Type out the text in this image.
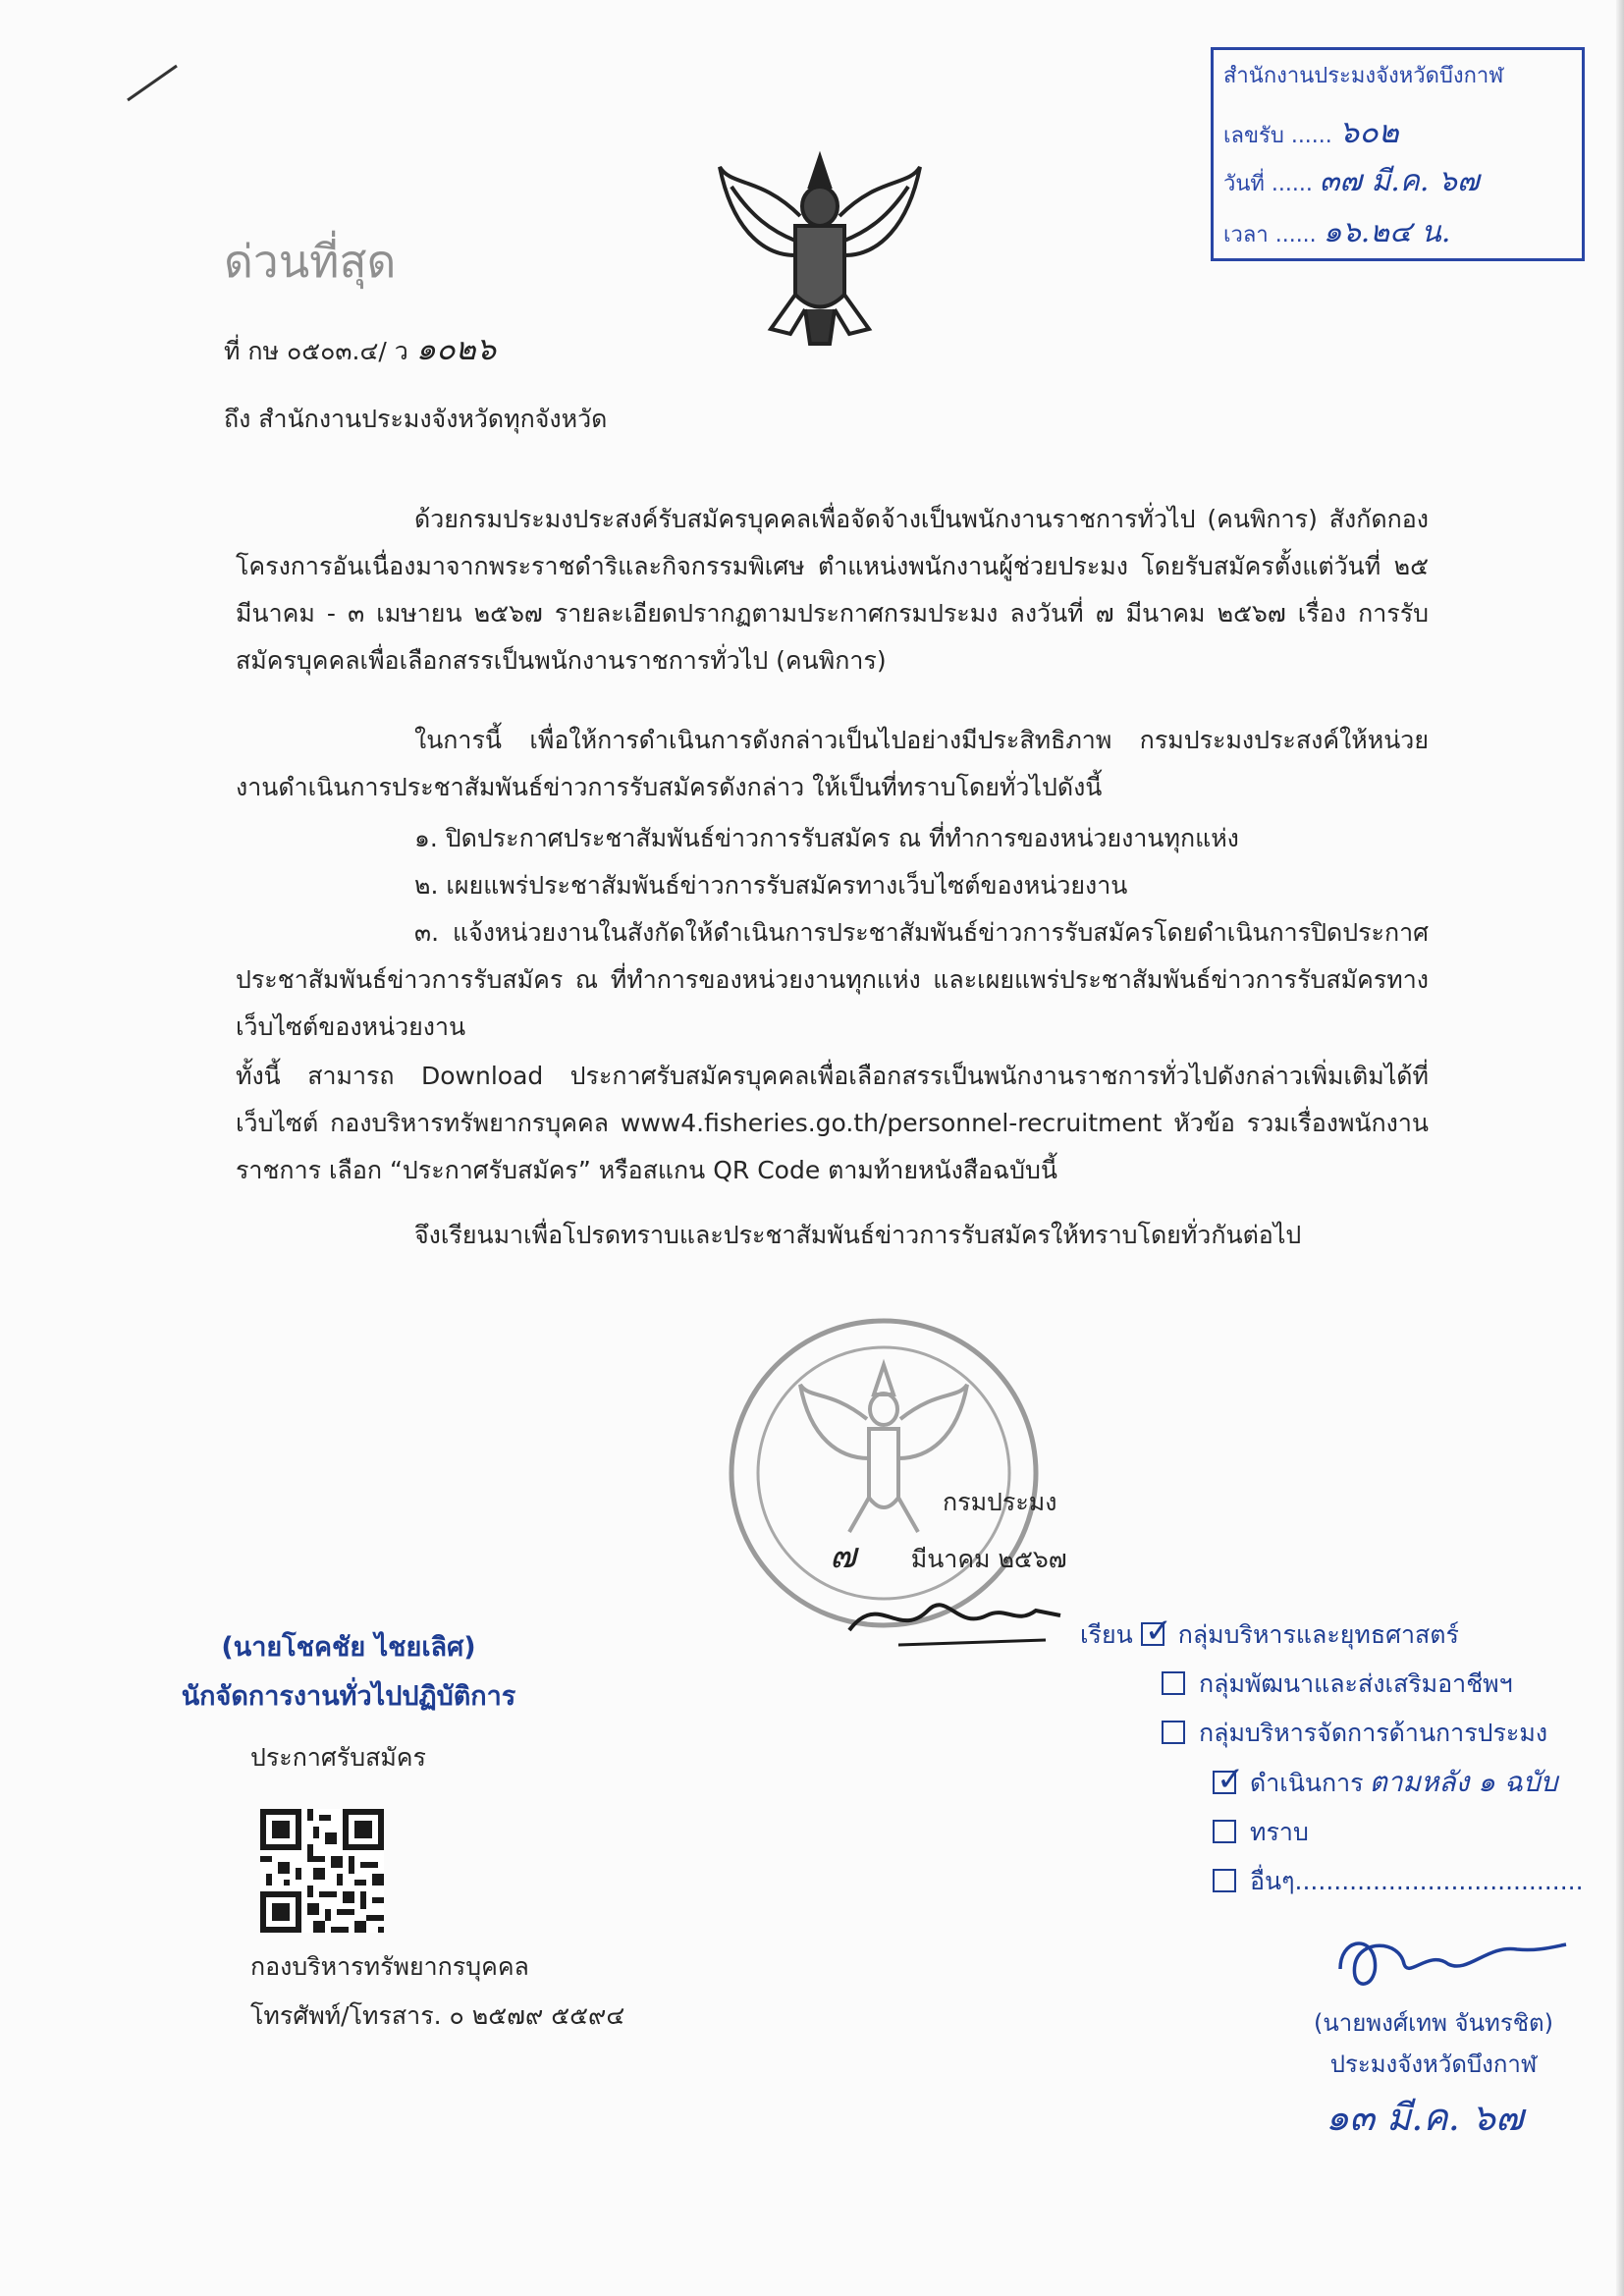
สำนักงานประมงจังหวัดบึงกาฬ
เลขรับ ...... ๖๐๒
วันที่ ...... ๓๗ มี.ค. ๖๗
เวลา ...... ๑๖.๒๔ น.
ด่วนที่สุด
ที่ กษ ๐๕๐๓.๔/ ว ๑๐๒๖
ถึง สำนักงานประมงจังหวัดทุกจังหวัด
ด้วยกรมประมงประสงค์รับสมัครบุคคลเพื่อจัดจ้างเป็นพนักงานราชการทั่วไป (คนพิการ) สังกัดกองโครงการอันเนื่องมาจากพระราชดำริและกิจกรรมพิเศษ ตำแหน่งพนักงานผู้ช่วยประมง โดยรับสมัครตั้งแต่วันที่ ๒๕ มีนาคม - ๓ เมษายน ๒๕๖๗ รายละเอียดปรากฏตามประกาศกรมประมง ลงวันที่ ๗ มีนาคม ๒๕๖๗ เรื่อง การรับสมัครบุคคลเพื่อเลือกสรรเป็นพนักงานราชการทั่วไป (คนพิการ)
ในการนี้ เพื่อให้การดำเนินการดังกล่าวเป็นไปอย่างมีประสิทธิภาพ กรมประมงประสงค์ให้หน่วยงานดำเนินการประชาสัมพันธ์ข่าวการรับสมัครดังกล่าว ให้เป็นที่ทราบโดยทั่วไปดังนี้
๑. ปิดประกาศประชาสัมพันธ์ข่าวการรับสมัคร ณ ที่ทำการของหน่วยงานทุกแห่ง
๒. เผยแพร่ประชาสัมพันธ์ข่าวการรับสมัครทางเว็บไซต์ของหน่วยงาน
๓. แจ้งหน่วยงานในสังกัดให้ดำเนินการประชาสัมพันธ์ข่าวการรับสมัครโดยดำเนินการปิดประกาศประชาสัมพันธ์ข่าวการรับสมัคร ณ ที่ทำการของหน่วยงานทุกแห่ง และเผยแพร่ประชาสัมพันธ์ข่าวการรับสมัครทางเว็บไซต์ของหน่วยงาน
ทั้งนี้ สามารถ Download ประกาศรับสมัครบุคคลเพื่อเลือกสรรเป็นพนักงานราชการทั่วไปดังกล่าวเพิ่มเติมได้ที่เว็บไซต์ กองบริหารทรัพยากรบุคคล www4.fisheries.go.th/personnel-recruitment หัวข้อ รวมเรื่องพนักงานราชการ เลือก “ประกาศรับสมัคร” หรือสแกน QR Code ตามท้ายหนังสือฉบับนี้
จึงเรียนมาเพื่อโปรดทราบและประชาสัมพันธ์ข่าวการรับสมัครให้ทราบโดยทั่วกันต่อไป
กรมประมง
๗ มีนาคม ๒๕๖๗
(นายโชคชัย ไชยเลิศ)
นักจัดการงานทั่วไปปฏิบัติการ
ประกาศรับสมัคร
กองบริหารทรัพยากรบุคคล
โทรศัพท์/โทรสาร. ๐ ๒๕๗๙ ๕๕๙๔
เรียน✓ กลุ่มบริหารและยุทธศาสตร์
กลุ่มพัฒนาและส่งเสริมอาชีพฯ
กลุ่มบริหารจัดการด้านการประมง
✓ดำเนินการ ตามหลัง ๑ ฉบับ
ทราบ
อื่นๆ.....................................
(นายพงศ์เทพ จันทรชิต)
ประมงจังหวัดบึงกาฬ
๑๓ มี.ค. ๖๗
